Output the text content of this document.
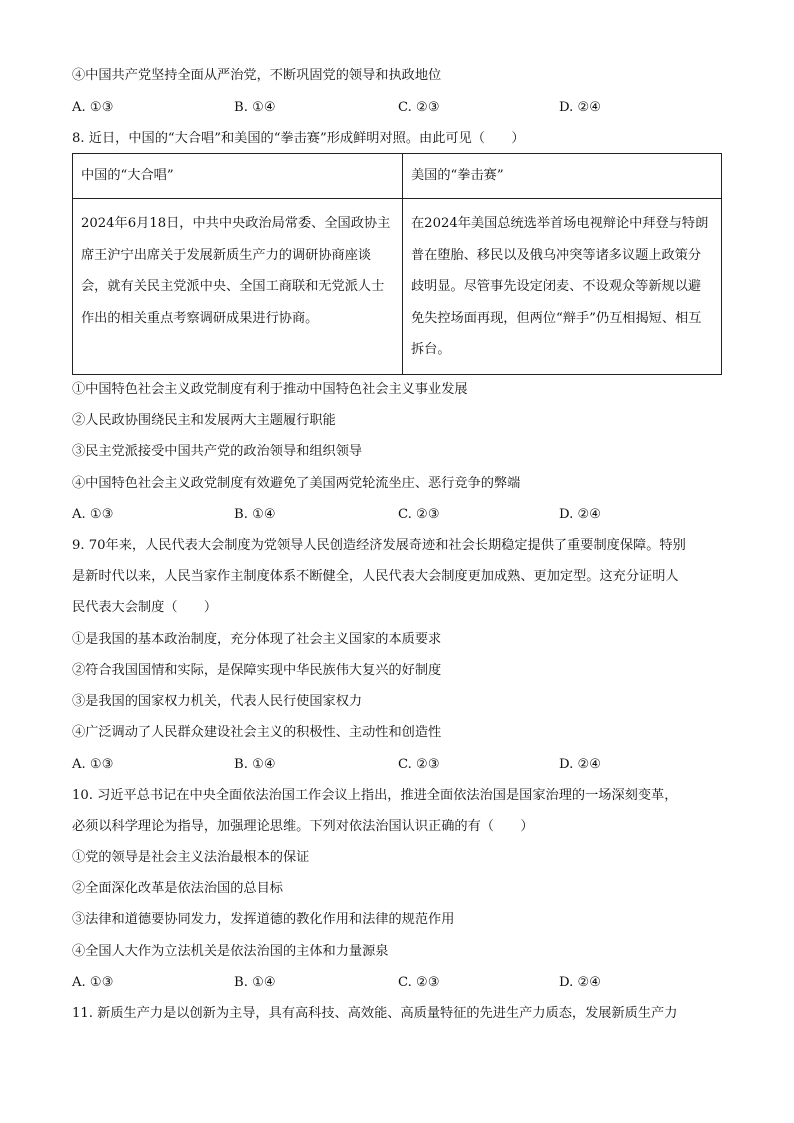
④中国共产党坚持全面从严治党，不断巩固党的领导和执政地位
A. ①③	B. ①④	C. ②③	D. ②④
8. 近日，中国的“大合唱”和美国的“拳击赛”形成鲜明对照。由此可见（　　）
中国的“大合唱”	美国的“拳击赛”
2024年6月18日，中共中央政治局常委、全国政协主席王沪宁出席关于发展新质生产力的调研协商座谈会，就有关民主党派中央、全国工商联和无党派人士作出的相关重点考察调研成果进行协商。	在2024年美国总统选举首场电视辩论中拜登与特朗普在堕胎、移民以及俄乌冲突等诸多议题上政策分歧明显。尽管事先设定闭麦、不设观众等新规以避免失控场面再现，但两位“辩手”仍互相揭短、相互拆台。
①中国特色社会主义政党制度有利于推动中国特色社会主义事业发展
②人民政协围绕民主和发展两大主题履行职能
③民主党派接受中国共产党的政治领导和组织领导
④中国特色社会主义政党制度有效避免了美国两党轮流坐庄、恶行竞争的弊端
A. ①③	B. ①④	C. ②③	D. ②④
9. 70年来，人民代表大会制度为党领导人民创造经济发展奇迹和社会长期稳定提供了重要制度保障。特别
是新时代以来，人民当家作主制度体系不断健全，人民代表大会制度更加成熟、更加定型。这充分证明人
民代表大会制度（　　）
①是我国的基本政治制度，充分体现了社会主义国家的本质要求
②符合我国国情和实际，是保障实现中华民族伟大复兴的好制度
③是我国的国家权力机关，代表人民行使国家权力
④广泛调动了人民群众建设社会主义的积极性、主动性和创造性
A. ①③	B. ①④	C. ②③	D. ②④
10. 习近平总书记在中央全面依法治国工作会议上指出，推进全面依法治国是国家治理的一场深刻变革，
必须以科学理论为指导，加强理论思维。下列对依法治国认识正确的有（　　）
①党的领导是社会主义法治最根本的保证
②全面深化改革是依法治国的总目标
③法律和道德要协同发力，发挥道德的教化作用和法律的规范作用
④全国人大作为立法机关是依法治国的主体和力量源泉
A. ①③	B. ①④	C. ②③	D. ②④
11. 新质生产力是以创新为主导，具有高科技、高效能、高质量特征的先进生产力质态，发展新质生产力
